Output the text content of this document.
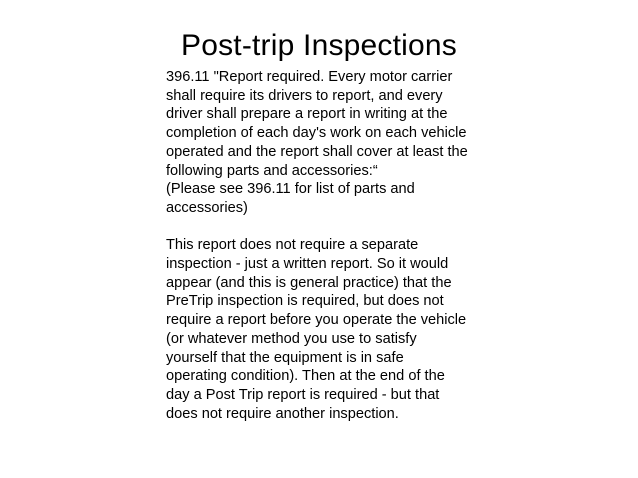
Post-trip Inspections

396.11 "Report required. Every motor carrier
shall require its drivers to report, and every
driver shall prepare a report in writing at the
completion of each day's work on each vehicle
operated and the report shall cover at least the
following parts and accessories:“
(Please see 396.11 for list of parts and
accessories)

This report does not require a separate
inspection - just a written report. So it would
appear (and this is general practice) that the
PreTrip inspection is required, but does not
require a report before you operate the vehicle
(or whatever method you use to satisfy
yourself that the equipment is in safe
operating condition). Then at the end of the
day a Post Trip report is required - but that
does not require another inspection.
